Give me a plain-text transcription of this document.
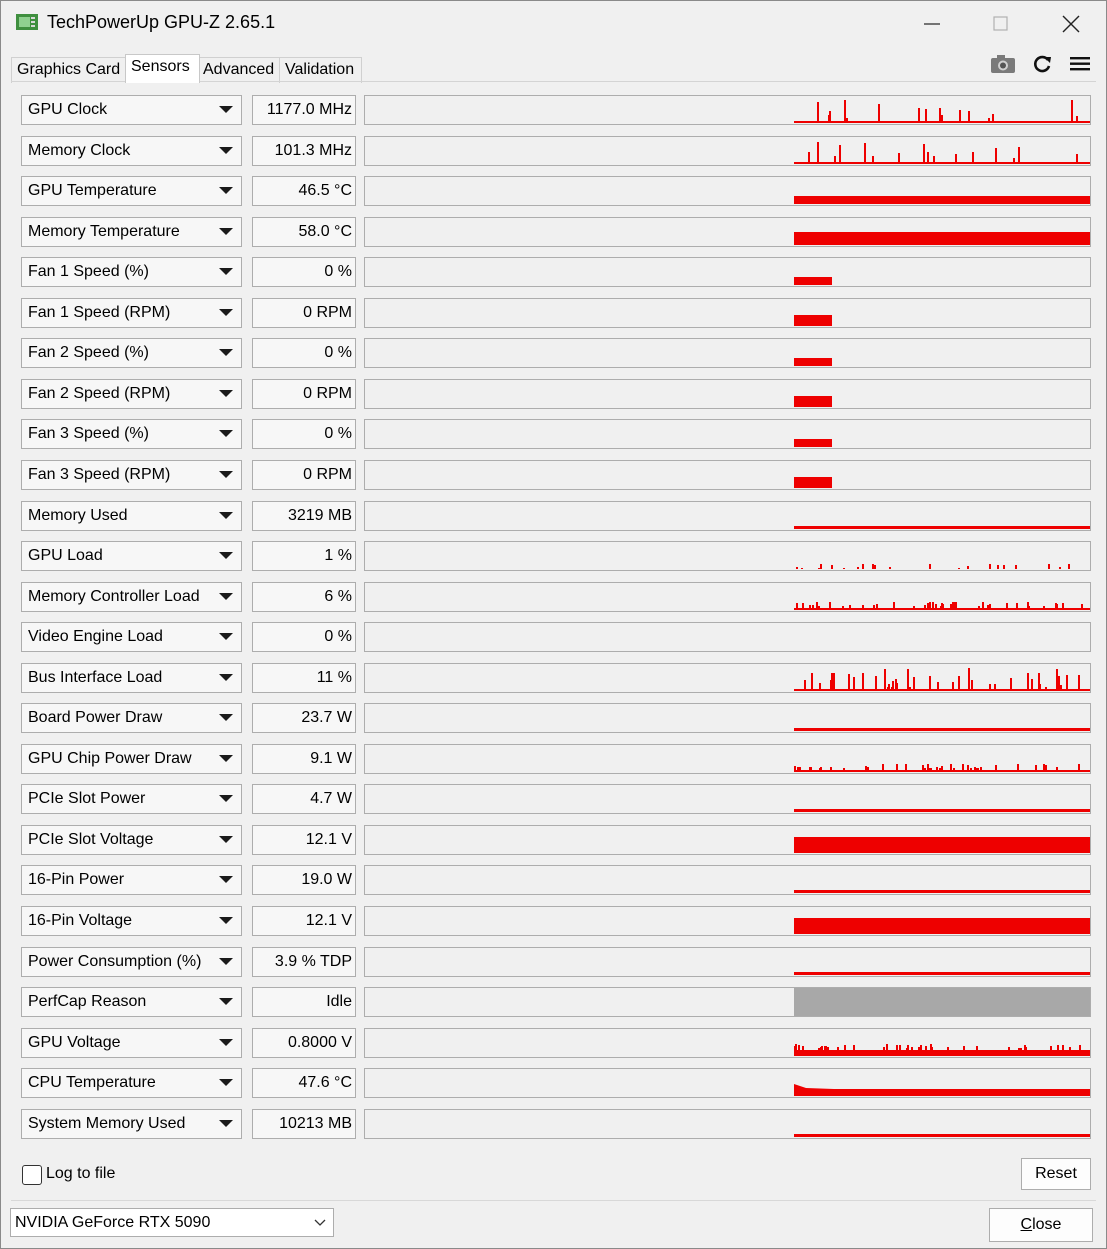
TechPowerUp GPU-Z 2.65.1
Graphics Card Sensors Advanced Validation
GPU Clock	1177.0 MHz
Memory Clock	101.3 MHz
GPU Temperature	46.5 °C
Memory Temperature	58.0 °C
Fan 1 Speed (%)	0 %
Fan 1 Speed (RPM)	0 RPM
Fan 2 Speed (%)	0 %
Fan 2 Speed (RPM)	0 RPM
Fan 3 Speed (%)	0 %
Fan 3 Speed (RPM)	0 RPM
Memory Used	3219 MB
GPU Load	1 %
Memory Controller Load	6 %
Video Engine Load	0 %
Bus Interface Load	11 %
Board Power Draw	23.7 W
GPU Chip Power Draw	9.1 W
PCIe Slot Power	4.7 W
PCIe Slot Voltage	12.1 V
16-Pin Power	19.0 W
16-Pin Voltage	12.1 V
Power Consumption (%)	3.9 % TDP
PerfCap Reason	Idle
GPU Voltage	0.8000 V
CPU Temperature	47.6 °C
System Memory Used	10213 MB
Log to file	Reset
NVIDIA GeForce RTX 5090	Close
